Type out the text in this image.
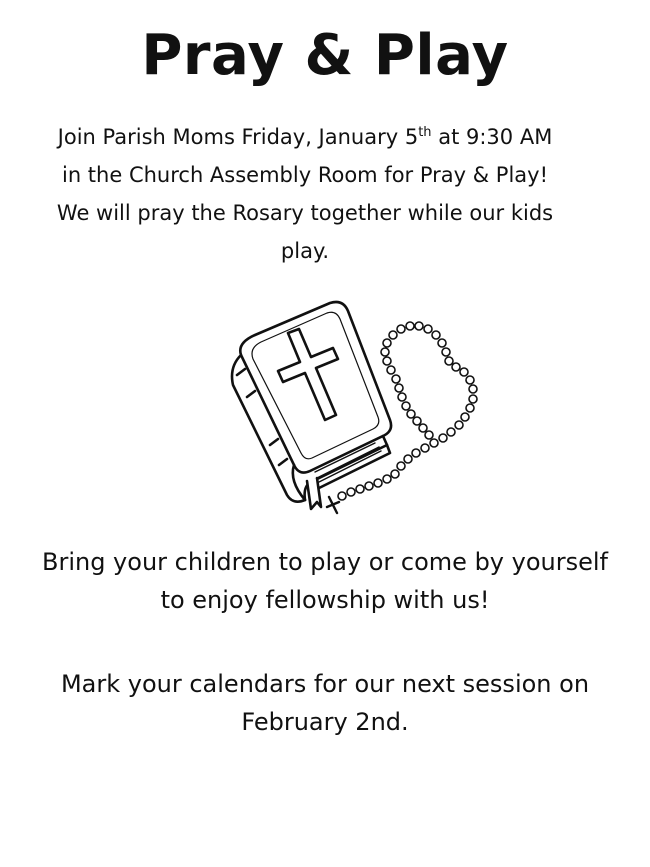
Pray & Play
Join Parish Moms Friday, January 5th at 9:30 AM in the Church Assembly Room for Pray & Play! We will pray the Rosary together while our kids play.
Bring your children to play or come by yourself to enjoy fellowship with us!
Mark your calendars for our next session on February 2nd.
